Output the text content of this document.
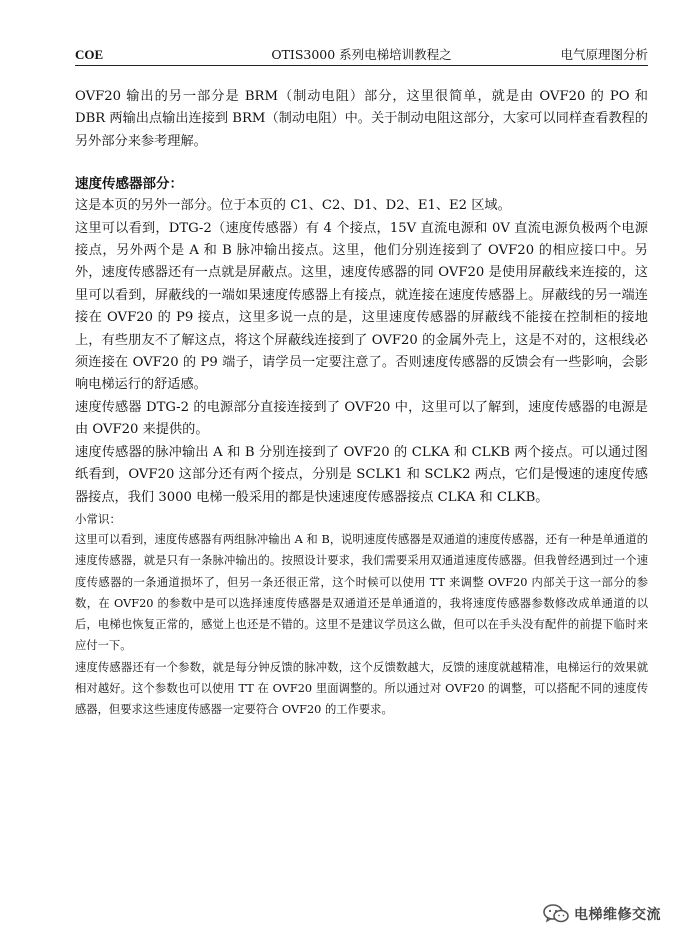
COE	OTIS3000 系列电梯培训教程之	电气原理图分析

OVF20 输出的另一部分是 BRM（制动电阻）部分，这里很简单，就是由 OVF20 的 PO 和 DBR 两输出点输出连接到 BRM（制动电阻）中。关于制动电阻这部分，大家可以同样查看教程的另外部分来参考理解。

速度传感器部分：

这是本页的另外一部分。位于本页的 C1、C2、D1、D2、E1、E2 区域。

这里可以看到，DTG-2（速度传感器）有 4 个接点，15V 直流电源和 0V 直流电源负极两个电源接点，另外两个是 A 和 B 脉冲输出接点。这里，他们分别连接到了 OVF20 的相应接口中。另外，速度传感器还有一点就是屏蔽点。这里，速度传感器的同 OVF20 是使用屏蔽线来连接的，这里可以看到，屏蔽线的一端如果速度传感器上有接点，就连接在速度传感器上。屏蔽线的另一端连接在 OVF20 的 P9 接点，这里多说一点的是，这里速度传感器的屏蔽线不能接在控制柜的接地上，有些朋友不了解这点，将这个屏蔽线连接到了 OVF20 的金属外壳上，这是不对的，这根线必须连接在 OVF20 的 P9 端子，请学员一定要注意了。否则速度传感器的反馈会有一些影响，会影响电梯运行的舒适感。

速度传感器 DTG-2 的电源部分直接连接到了 OVF20 中，这里可以了解到，速度传感器的电源是由 OVF20 来提供的。

速度传感器的脉冲输出 A 和 B 分别连接到了 OVF20 的 CLKA 和 CLKB 两个接点。可以通过图纸看到，OVF20 这部分还有两个接点，分别是 SCLK1 和 SCLK2 两点，它们是慢速的速度传感器接点，我们 3000 电梯一般采用的都是快速速度传感器接点 CLKA 和 CLKB。

小常识：

这里可以看到，速度传感器有两组脉冲输出 A 和 B，说明速度传感器是双通道的速度传感器，还有一种是单通道的速度传感器，就是只有一条脉冲输出的。按照设计要求，我们需要采用双通道速度传感器。但我曾经遇到过一个速度传感器的一条通道损坏了，但另一条还很正常，这个时候可以使用 TT 来调整 OVF20 内部关于这一部分的参数，在 OVF20 的参数中是可以选择速度传感器是双通道还是单通道的，我将速度传感器参数修改成单通道的以后，电梯也恢复正常的，感觉上也还是不错的。这里不是建议学员这么做，但可以在手头没有配件的前提下临时来应付一下。

速度传感器还有一个参数，就是每分钟反馈的脉冲数，这个反馈数越大，反馈的速度就越精准，电梯运行的效果就相对越好。这个参数也可以使用 TT 在 OVF20 里面调整的。所以通过对 OVF20 的调整，可以搭配不同的速度传感器，但要求这些速度传感器一定要符合 OVF20 的工作要求。

电梯维修交流
